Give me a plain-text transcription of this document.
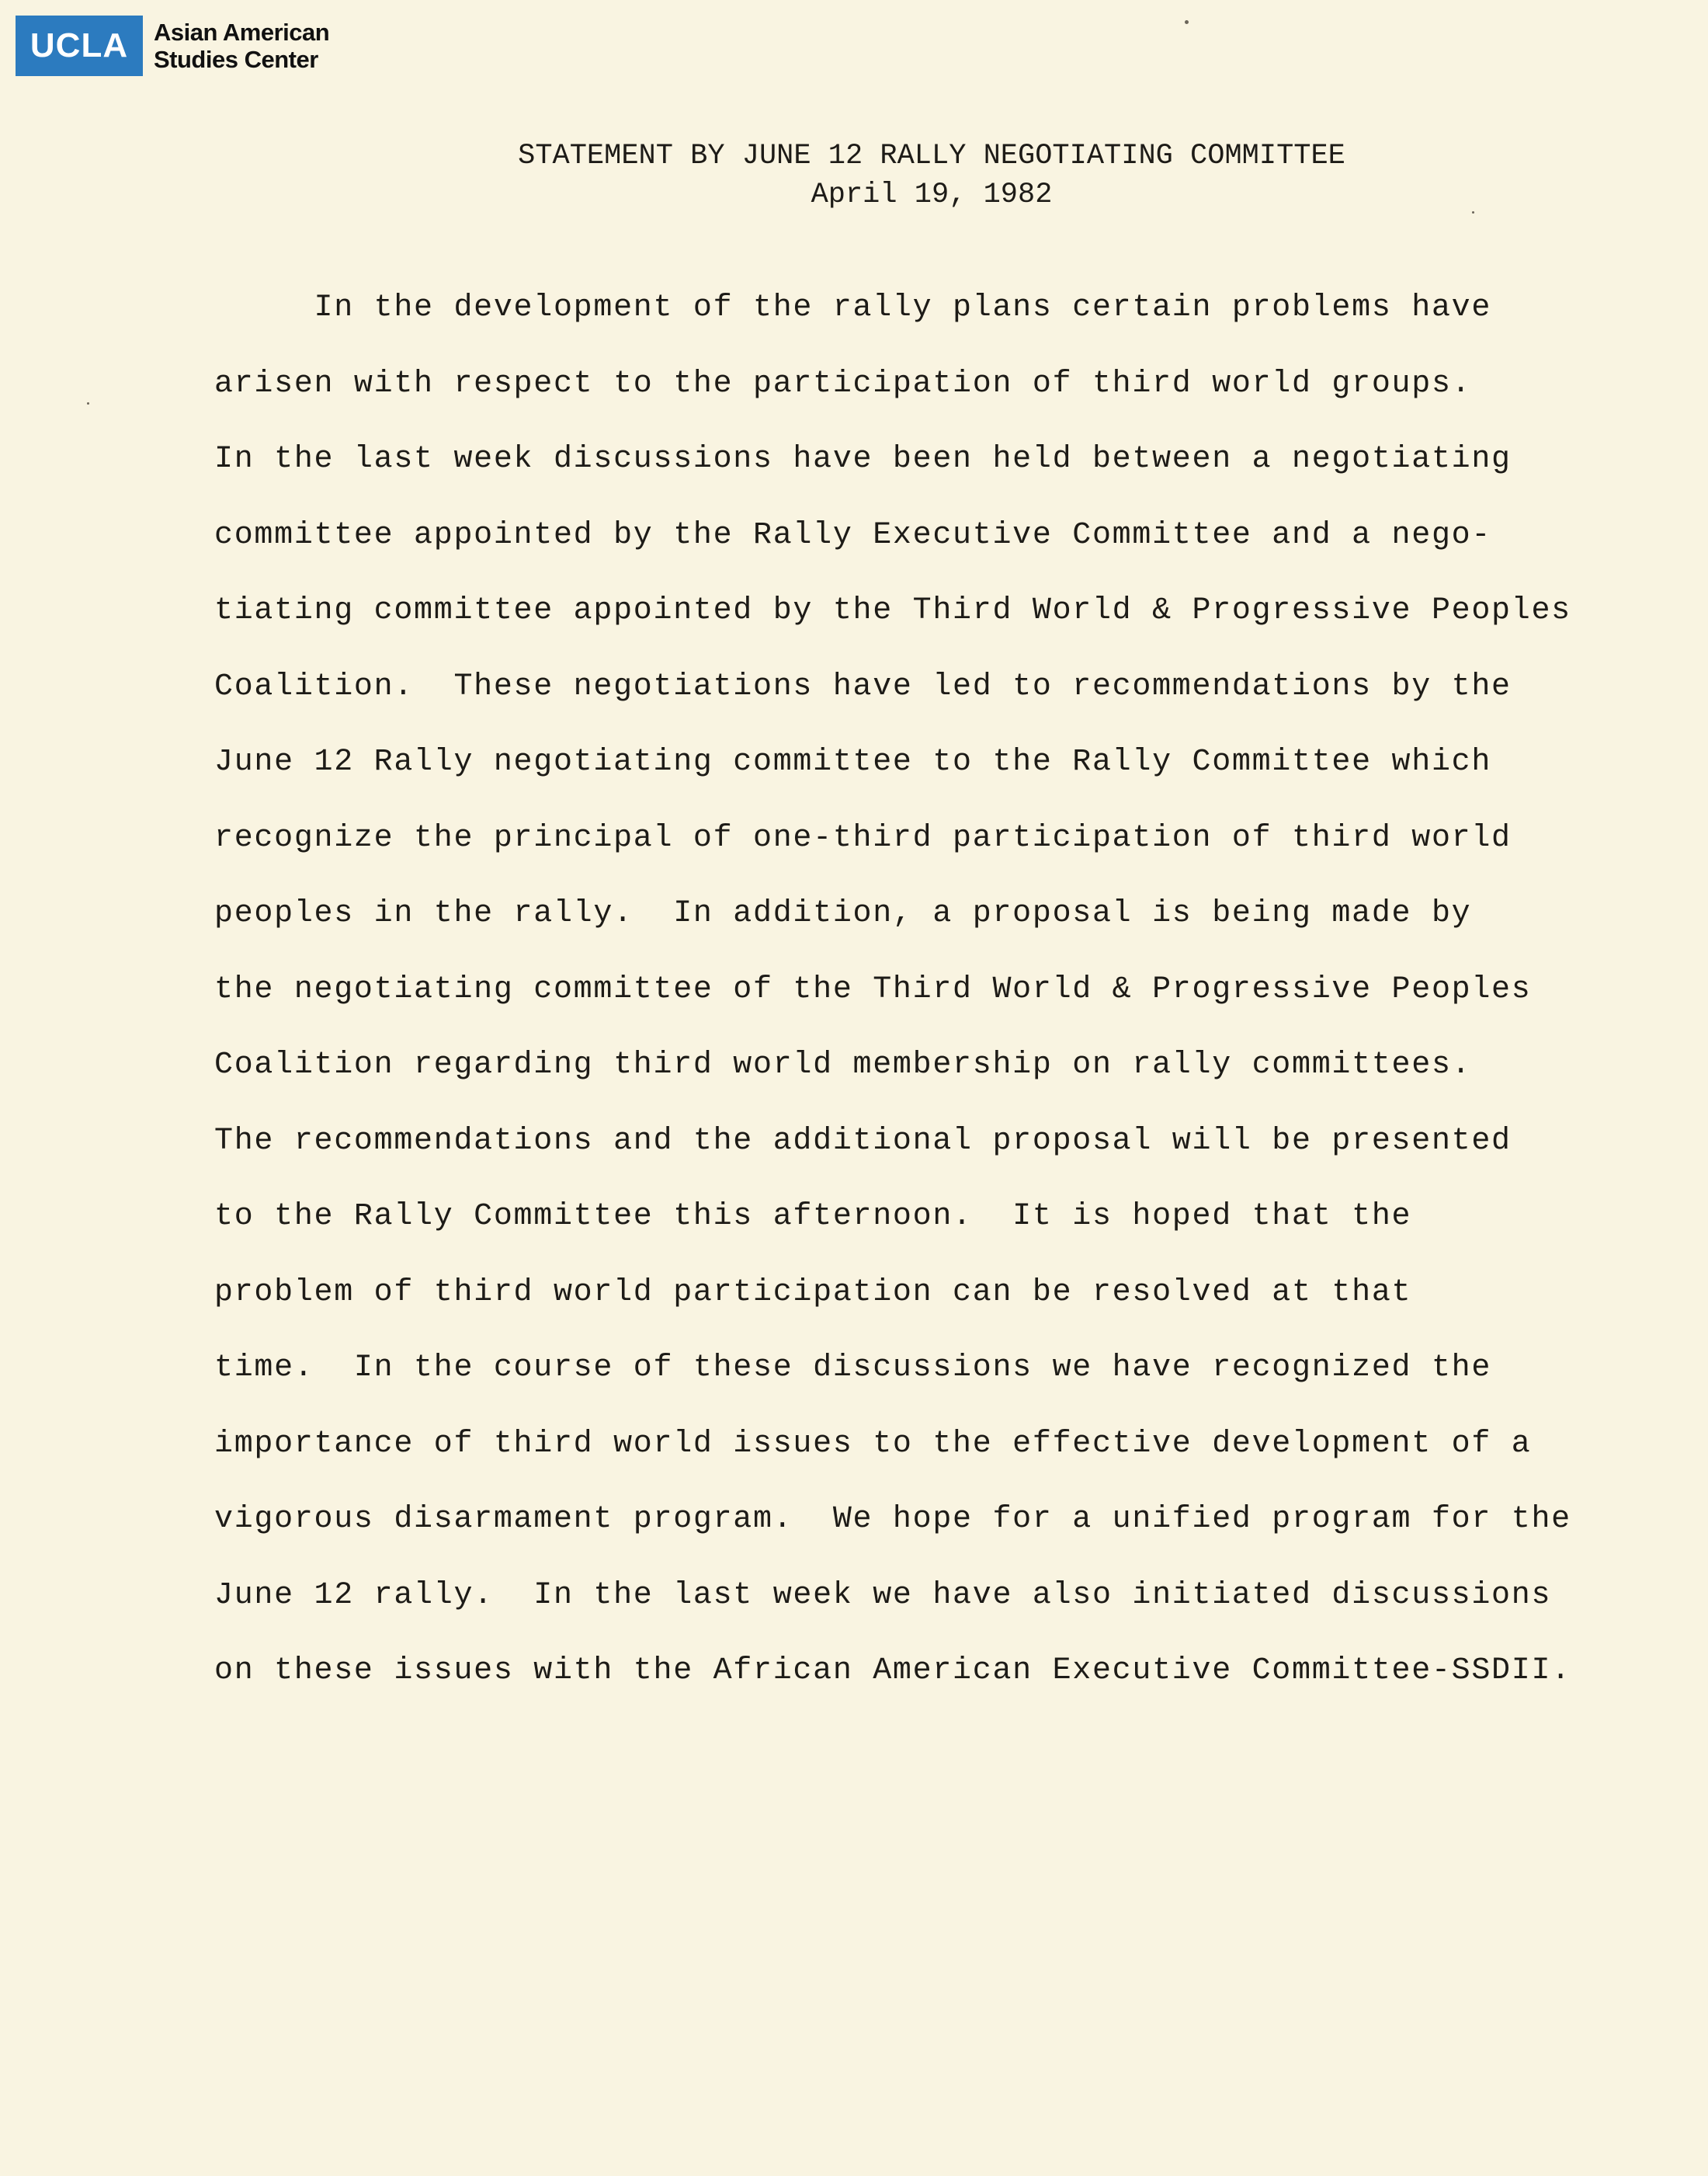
UCLA	Asian American
Studies Center
STATEMENT BY JUNE 12 RALLY NEGOTIATING COMMITTEE
April 19, 1982
In the development of the rally plans certain problems have
arisen with respect to the participation of third world groups.
In the last week discussions have been held between a negotiating
committee appointed by the Rally Executive Committee and a nego-
tiating committee appointed by the Third World & Progressive Peoples
Coalition.  These negotiations have led to recommendations by the
June 12 Rally negotiating committee to the Rally Committee which
recognize the principal of one-third participation of third world
peoples in the rally.  In addition, a proposal is being made by
the negotiating committee of the Third World & Progressive Peoples
Coalition regarding third world membership on rally committees.
The recommendations and the additional proposal will be presented
to the Rally Committee this afternoon.  It is hoped that the
problem of third world participation can be resolved at that
time.  In the course of these discussions we have recognized the
importance of third world issues to the effective development of a
vigorous disarmament program.  We hope for a unified program for the
June 12 rally.  In the last week we have also initiated discussions
on these issues with the African American Executive Committee-SSDII.
